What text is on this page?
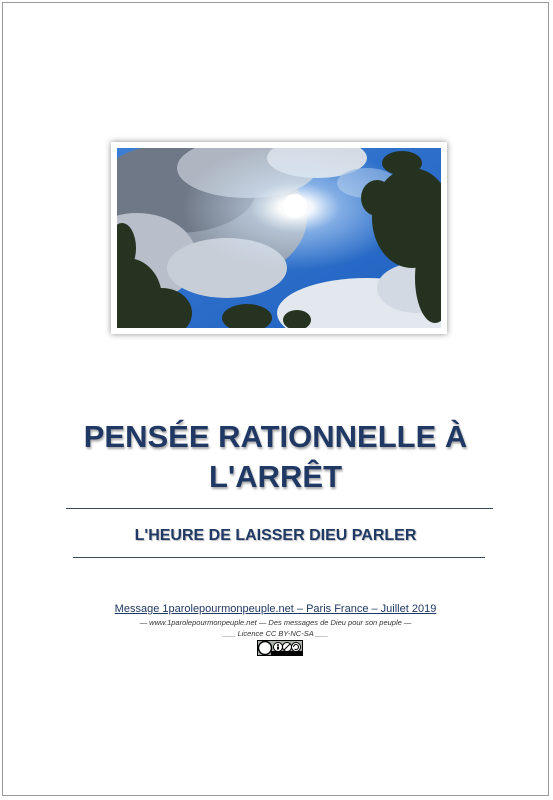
PENSÉE RATIONNELLE À
L'ARRÊT
L'HEURE DE LAISSER DIEU PARLER
Message 1parolepourmonpeuple.net – Paris France – Juillet 2019
— www.1parolepourmonpeuple.net — Des messages de Dieu pour son peuple —
___ Licence CC BY-NC-SA ___
